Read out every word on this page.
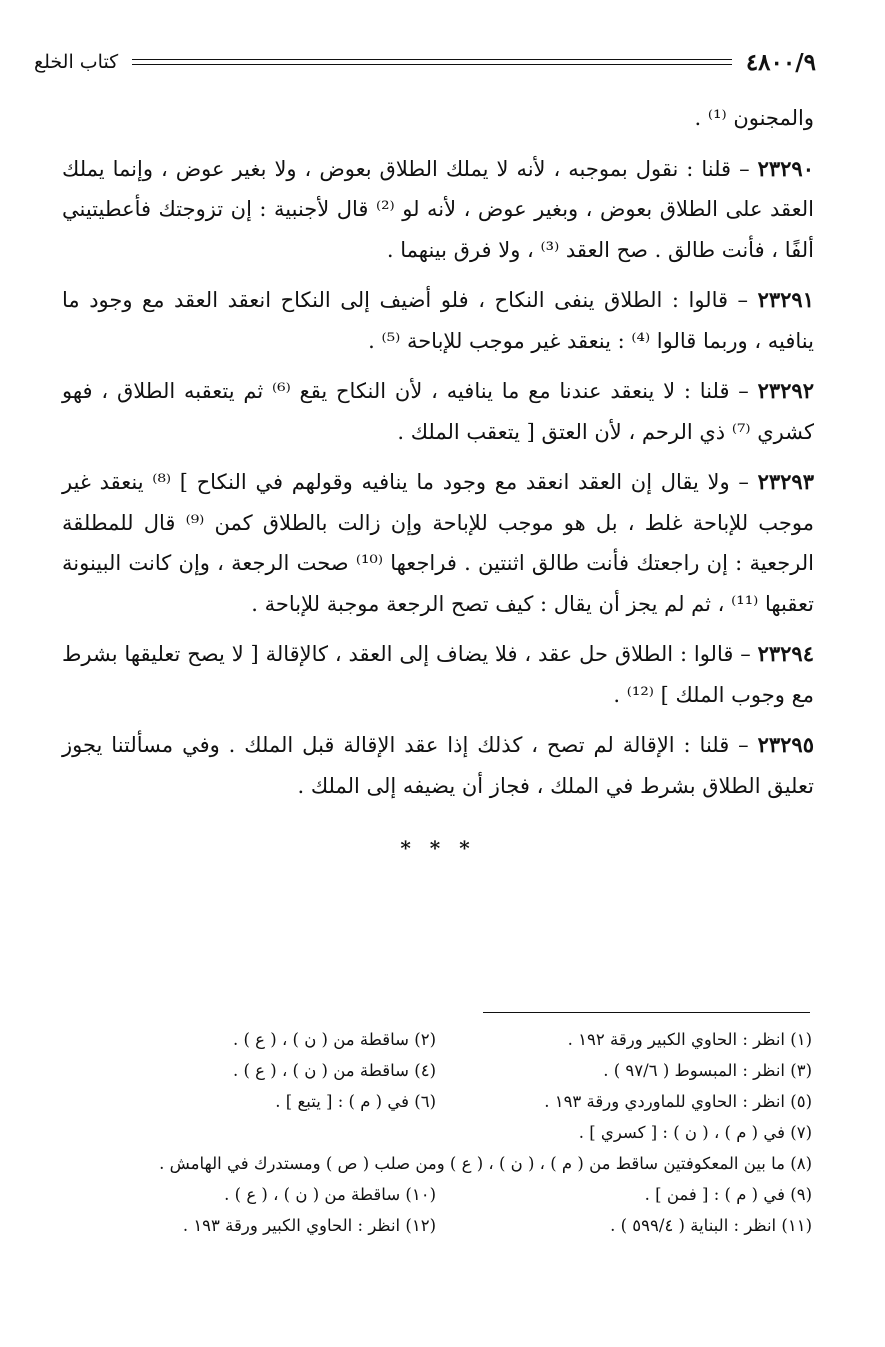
٤٨٠٠/٩
كتاب الخلع

والمجنون ⁽¹⁾ .

٢٣٢٩٠ – قلنا : نقول بموجبه ، لأنه لا يملك الطلاق بعوض ، ولا بغير عوض ، وإنما يملك العقد على الطلاق بعوض ، وبغير عوض ، لأنه لو ⁽²⁾ قال لأجنبية : إن تزوجتك فأعطيتيني ألفًا ، فأنت طالق . صح العقد ⁽³⁾ ، ولا فرق بينهما .

٢٣٢٩١ – قالوا : الطلاق ينفى النكاح ، فلو أضيف إلى النكاح انعقد العقد مع وجود ما ينافيه ، وربما قالوا ⁽⁴⁾ : ينعقد غير موجب للإباحة ⁽⁵⁾ .

٢٣٢٩٢ – قلنا : لا ينعقد عندنا مع ما ينافيه ، لأن النكاح يقع ⁽⁶⁾ ثم يتعقبه الطلاق ، فهو كشري ⁽⁷⁾ ذي الرحم ، لأن العتق [ يتعقب الملك .

٢٣٢٩٣ – ولا يقال إن العقد انعقد مع وجود ما ينافيه وقولهم في النكاح ] ⁽⁸⁾ ينعقد غير موجب للإباحة غلط ، بل هو موجب للإباحة وإن زالت بالطلاق كمن ⁽⁹⁾ قال للمطلقة الرجعية : إن راجعتك فأنت طالق اثنتين . فراجعها ⁽¹⁰⁾ صحت الرجعة ، وإن كانت البينونة تعقبها ⁽¹¹⁾ ، ثم لم يجز أن يقال : كيف تصح الرجعة موجبة للإباحة .

٢٣٢٩٤ – قالوا : الطلاق حل عقد ، فلا يضاف إلى العقد ، كالإقالة [ لا يصح تعليقها بشرط مع وجوب الملك ] ⁽¹²⁾ .

٢٣٢٩٥ – قلنا : الإقالة لم تصح ، كذلك إذا عقد الإقالة قبل الملك . وفي مسألتنا يجوز تعليق الطلاق بشرط في الملك ، فجاز أن يضيفه إلى الملك .

* * *
(١) انظر : الحاوي الكبير ورقة ١٩٢ .
(٢) ساقطة من ( ن ) ، ( ع ) .
(٣) انظر : المبسوط ( ٩٧/٦ ) .
(٤) ساقطة من ( ن ) ، ( ع ) .
(٥) انظر : الحاوي للماوردي ورقة ١٩٣ .
(٦) في ( م ) : [ يتبع ] .
(٧) في ( م ) ، ( ن ) : [ كسري ] .
(٨) ما بين المعكوفتين ساقط من ( م ) ، ( ن ) ، ( ع ) ومن صلب ( ص ) ومستدرك في الهامش .
(٩) في ( م ) : [ فمن ] .
(١٠) ساقطة من ( ن ) ، ( ع ) .
(١١) انظر : البناية ( ٥٩٩/٤ ) .
(١٢) انظر : الحاوي الكبير ورقة ١٩٣ .
